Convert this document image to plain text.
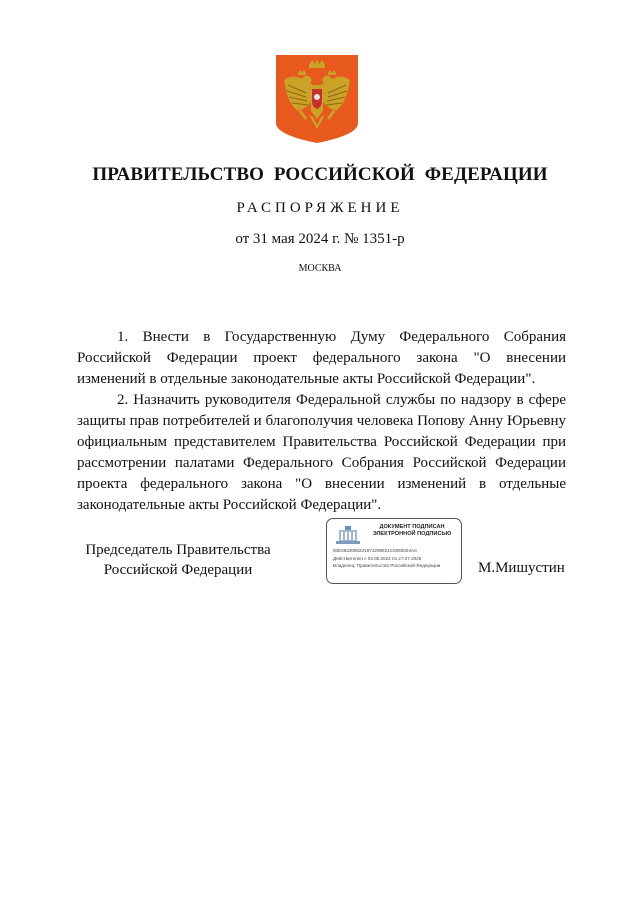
ПРАВИТЕЛЬСТВО РОССИЙСКОЙ ФЕДЕРАЦИИ
РАСПОРЯЖЕНИЕ
от 31 мая 2024 г. № 1351-р
МОСКВА

1. Внести в Государственную Думу Федерального Собрания Российской Федерации проект федерального закона "О внесении изменений в отдельные законодательные акты Российской Федерации".

2. Назначить руководителя Федеральной службы по надзору в сфере защиты прав потребителей и благополучия человека Попову Анну Юрьевну официальным представителем Правительства Российской Федерации при рассмотрении палатами Федерального Собрания Российской Федерации проекта федерального закона "О внесении изменений в отдельные законодательные акты Российской Федерации".

Председатель Правительства
Российской Федерации
ДОКУМЕНТ ПОДПИСАН
ЭЛЕКТРОННОЙ ПОДПИСЬЮ
00E3632080221974298921C0060024AC
Действителен с 03.05.2024 по 27.07.2025
Владелец: Правительство Российской Федерации	М.Мишустин
